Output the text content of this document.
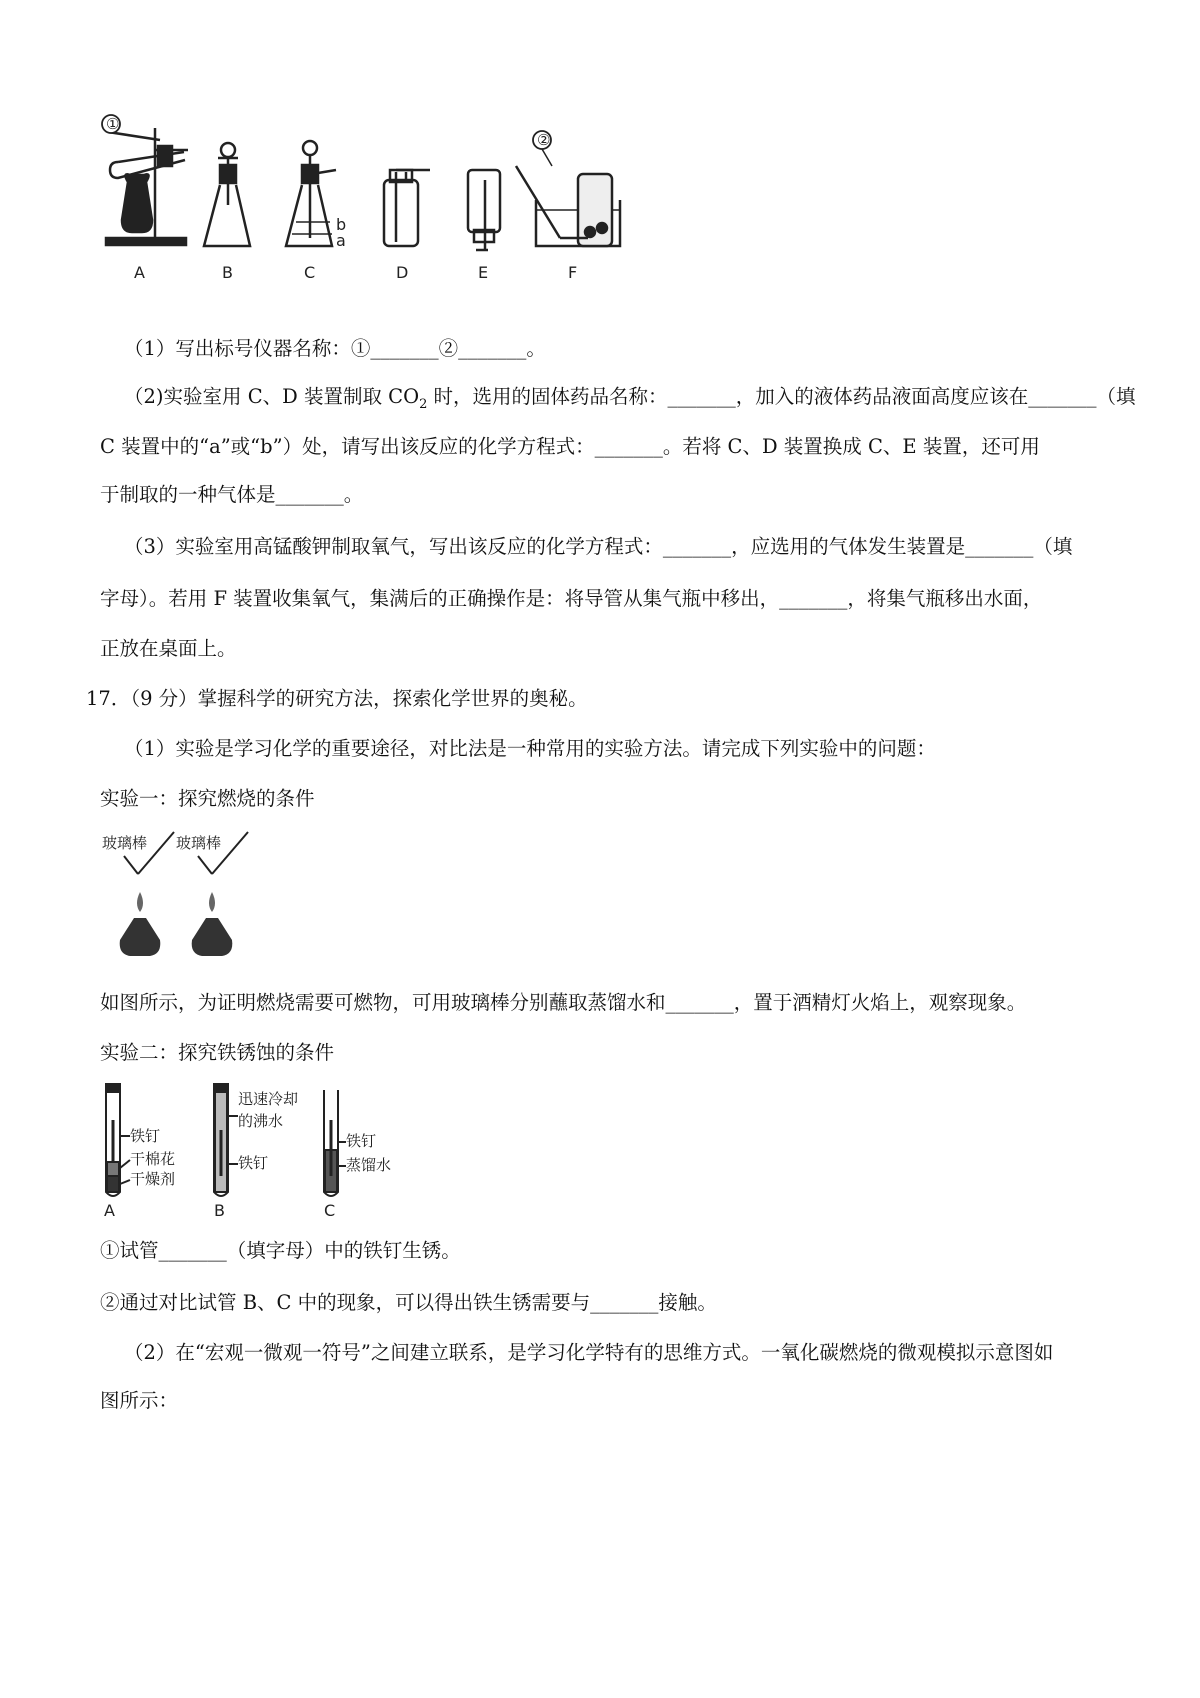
①
b
a
②
A	B	C	D	E	F
（1）写出标号仪器名称：①_______②_______。
（2)实验室用 C、D 装置制取 $CO_2$ 时，选用的固体药品名称：_______，加入的液体药品液面高度应该在_______（填
C 装置中的“a”或“b”）处，请写出该反应的化学方程式：_______。若将 C、D 装置换成 C、E 装置，还可用
于制取的一种气体是_______。
（3）实验室用高锰酸钾制取氧气，写出该反应的化学方程式：_______，应选用的气体发生装置是_______（填
字母）。若用 F 装置收集氧气，集满后的正确操作是：将导管从集气瓶中移出，_______，将集气瓶移出水面，
正放在桌面上。
17．（9 分）掌握科学的研究方法，探索化学世界的奥秘。
（1）实验是学习化学的重要途径，对比法是一种常用的实验方法。请完成下列实验中的问题：
实验一：探究燃烧的条件
玻璃棒 玻璃棒
如图所示，为证明燃烧需要可燃物，可用玻璃棒分别蘸取蒸馏水和_______，置于酒精灯火焰上，观察现象。
实验二：探究铁锈蚀的条件
铁钉
干棉花
干燥剂
迅速冷却
的沸水
铁钉
铁钉
蒸馏水
A	B	C
①试管_______（填字母）中的铁钉生锈。
②通过对比试管 B、C 中的现象，可以得出铁生锈需要与_______接触。
（2）在“宏观一微观一符号”之间建立联系，是学习化学特有的思维方式。一氧化碳燃烧的微观模拟示意图如
图所示：
